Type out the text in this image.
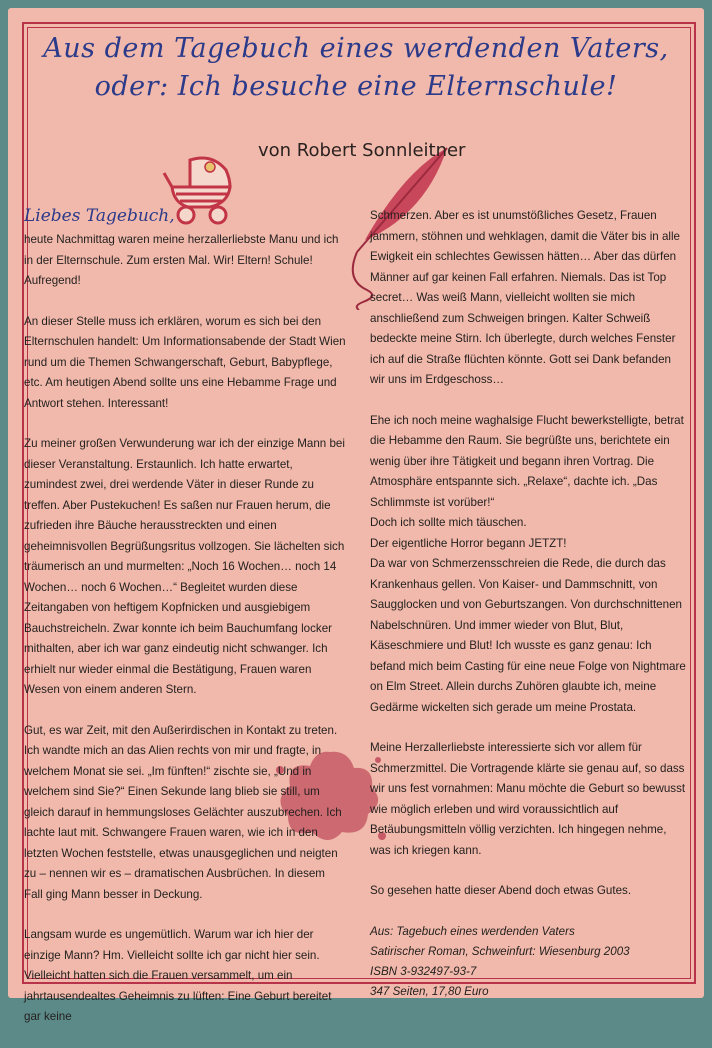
Aus dem Tagebuch eines werdenden Vaters,
oder: Ich besuche eine Elternschule!
von Robert Sonnleitner
Liebes Tagebuch,

heute Nachmittag waren meine herzallerliebste Manu und ich in der Elternschule. Zum ersten Mal. Wir! Eltern! Schule! Aufregend!

An dieser Stelle muss ich erklären, worum es sich bei den Elternschulen handelt: Um Informationsabende der Stadt Wien rund um die Themen Schwangerschaft, Geburt, Babypflege, etc. Am heutigen Abend sollte uns eine Hebamme Frage und Antwort stehen. Interessant!

Zu meiner großen Verwunderung war ich der einzige Mann bei dieser Veranstaltung. Erstaunlich. Ich hatte erwartet, zumindest zwei, drei werdende Väter in dieser Runde zu treffen. Aber Pustekuchen! Es saßen nur Frauen herum, die zufrieden ihre Bäuche herausstreckten und einen geheimnisvollen Begrüßungsritus vollzogen. Sie lächelten sich träumerisch an und murmelten: „Noch 16 Wochen… noch 14 Wochen… noch 6 Wochen…“ Begleitet wurden diese Zeitangaben von heftigem Kopfnicken und ausgiebigem Bauchstreicheln. Zwar konnte ich beim Bauchumfang locker mithalten, aber ich war ganz eindeutig nicht schwanger. Ich erhielt nur wieder einmal die Bestätigung, Frauen waren Wesen von einem anderen Stern.

Gut, es war Zeit, mit den Außerirdischen in Kontakt zu treten. Ich wandte mich an das Alien rechts von mir und fragte, in welchem Monat sie sei. „Im fünften!“ zischte sie, „Und in welchem sind Sie?“ Einen Sekunde lang blieb sie still, um gleich darauf in hemmungsloses Gelächter auszubrechen. Ich lachte laut mit. Schwangere Frauen waren, wie ich in den letzten Wochen feststelle, etwas unausgeglichen und neigten zu – nennen wir es – dramatischen Ausbrüchen. In diesem Fall ging Mann besser in Deckung.

Langsam wurde es ungemütlich. Warum war ich hier der einzige Mann? Hm. Vielleicht sollte ich gar nicht hier sein. Vielleicht hatten sich die Frauen versammelt, um ein jahrtausendealtes Geheimnis zu lüften: Eine Geburt bereitet gar keine

Schmerzen. Aber es ist unumstößliches Gesetz, Frauen jammern, stöhnen und wehklagen, damit die Väter bis in alle Ewigkeit ein schlechtes Gewissen hätten… Aber das dürfen Männer auf gar keinen Fall erfahren. Niemals. Das ist Top secret… Was weiß Mann, vielleicht wollten sie mich anschließend zum Schweigen bringen. Kalter Schweiß bedeckte meine Stirn. Ich überlegte, durch welches Fenster ich auf die Straße flüchten könnte. Gott sei Dank befanden wir uns im Erdgeschoss…

Ehe ich noch meine waghalsige Flucht bewerkstelligte, betrat die Hebamme den Raum. Sie begrüßte uns, berichtete ein wenig über ihre Tätigkeit und begann ihren Vortrag. Die Atmosphäre entspannte sich. „Relaxe“, dachte ich. „Das Schlimmste ist vorüber!“
Doch ich sollte mich täuschen.
Der eigentliche Horror begann JETZT!
Da war von Schmerzensschreien die Rede, die durch das Krankenhaus gellen. Von Kaiser- und Dammschnitt, von Saugglocken und von Geburtszangen. Von durchschnittenen Nabelschnüren. Und immer wieder von Blut, Blut, Käseschmiere und Blut! Ich wusste es ganz genau: Ich befand mich beim Casting für eine neue Folge von Nightmare on Elm Street. Allein durchs Zuhören glaubte ich, meine Gedärme wickelten sich gerade um meine Prostata.

Meine Herzallerliebste interessierte sich vor allem für Schmerzmittel. Die Vortragende klärte sie genau auf, so dass wir uns fest vornahmen: Manu möchte die Geburt so bewusst wie möglich erleben und wird voraussichtlich auf Betäubungsmitteln völlig verzichten. Ich hingegen nehme, was ich kriegen kann.

So gesehen hatte dieser Abend doch etwas Gutes.

Aus: Tagebuch eines werdenden Vaters
Satirischer Roman, Schweinfurt: Wiesenburg 2003
ISBN 3-932497-93-7
347 Seiten, 17,80 Euro
